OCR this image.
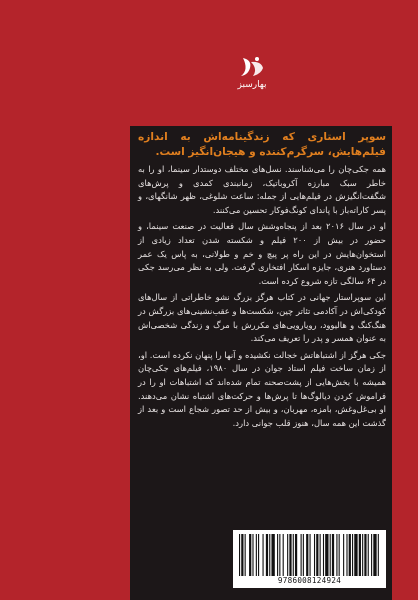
بهارسبز

سوپر استاری که زندگینامه‌اش به اندازه فیلم‌هایش، سرگرم‌کننده و هیجان‌انگیز است.

همه جکی‌چان را می‌شناسند. نسل‌های مختلف دوستدار سینما، او را به خاطر سبک مبارزه آکروباتیک، زمانبندی کمدی و پرش‌های شگفت‌انگیزش در فیلم‌هایی از جمله: ساعت شلوغی، ظهر شانگهای، و پسر کاراته‌باز با پاندای کونگ‌فوکار تحسین می‌کنند.

او در سال ۲۰۱۶ بعد از پنجاه‌وشش سال فعالیت در صنعت سینما، و حضور در بیش از ۲۰۰ فیلم و شکسته شدن تعداد زیادی از استخوان‌هایش در این راه پر پیچ و خم و طولانی، به پاس یک عمر دستاورد هنری، جایزه اسکار افتخاری گرفت. ولی به نظر می‌رسد جکی در ۶۴ سالگی تازه شروع کرده است.

این سوپراستار جهانی در کتاب هرگز بزرگ نشو خاطراتی از سال‌های کودکی‌اش در آکادمی تئاتر چین، شکست‌ها و عقب‌نشینی‌های بزرگش در هنگ‌کنگ و هالیوود، رویارویی‌های مکررش با مرگ و زندگی شخصی‌اش به عنوان همسر و پدر را تعریف می‌کند.

جکی هرگز از اشتباهاتش خجالت نکشیده و آنها را پنهان نکرده است. او، از زمان ساخت فیلم استاد جوان در سال ۱۹۸۰، فیلم‌های جکی‌چان همیشه با بخش‌هایی از پشت‌صحنه تمام شده‌اند که اشتباهات او را در فراموش کردن دیالوگ‌ها تا پرش‌ها و حرکت‌های اشتباه نشان می‌دهند. او بی‌غل‌وغش، بامزه، مهربان، و بیش از حد تصور شجاع است و بعد از گذشت این همه سال، هنوز قلب جوانی دارد.

9786008124924
